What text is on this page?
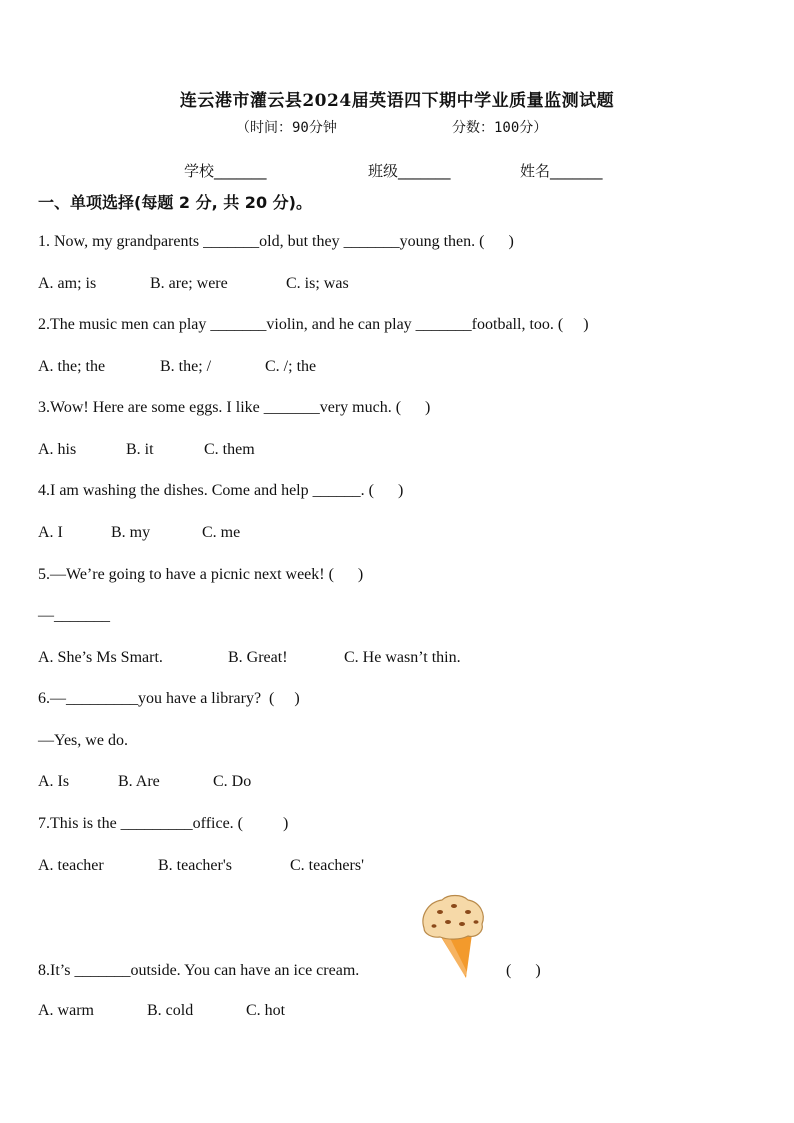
连云港市灌云县2024届英语四下期中学业质量监测试题
（时间：90分钟	分数：100分）
学校_______	班级_______	姓名_______
一、单项选择(每题 2 分, 共 20 分)。
1. Now, my grandparents _______old, but they _______young then. (      )
A. am; is	B. are; were	C. is; was
2.The music men can play _______violin, and he can play _______football, too. (     )
A. the; the	B. the; /	C. /; the
3.Wow! Here are some eggs. I like _______very much. (      )
A. his	B. it	C. them
4.I am washing the dishes. Come and help ______. (      )
A. I	B. my	C. me
5.—We’re going to have a picnic next week! (      )
—_______
A. She’s Ms Smart.	B. Great!	C. He wasn’t thin.
6.—_________you have a library?  (     )
—Yes, we do.
A. Is	B. Are	C. Do
7.This is the _________office. (          )
A. teacher	B. teacher's	C. teachers'
8.It’s _______outside. You can have an ice cream.	(      )
A. warm	B. cold	C. hot
